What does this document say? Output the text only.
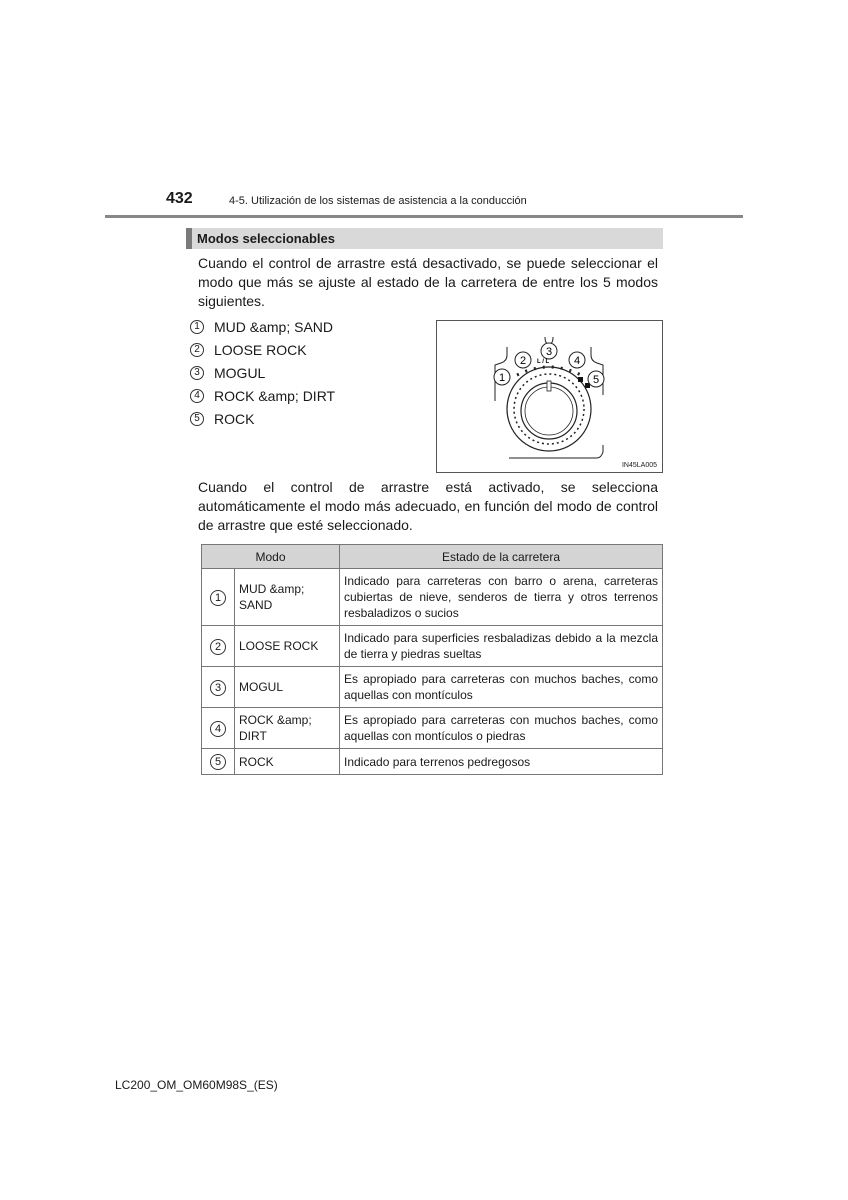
432	4-5. Utilización de los sistemas de asistencia a la conducción
Modos seleccionables

Cuando el control de arrastre está desactivado, se puede seleccionar el modo que más se ajuste al estado de la carretera de entre los 5 modos siguientes.

1	MUD &amp; SAND
2	LOOSE ROCK
3	MOGUL
4	ROCK &amp; DIRT
5	ROCK
1
2
3
4
5
L / L
IN45LA005

Cuando el control de arrastre está activado, se selecciona automáticamente el modo más adecuado, en función del modo de control de arrastre que esté seleccionado.

Modo		Estado de la carretera
1	MUD &amp; SAND	Indicado para carreteras con barro o arena, carreteras cubiertas de nieve, senderos de tierra y otros terrenos resbaladizos o sucios
2	LOOSE ROCK	Indicado para superficies resbaladizas debido a la mezcla de tierra y piedras sueltas
3	MOGUL	Es apropiado para carreteras con muchos baches, como aquellas con montículos
4	ROCK &amp; DIRT	Es apropiado para carreteras con muchos baches, como aquellas con montículos o piedras
5	ROCK	Indicado para terrenos pedregosos
LC200_OM_OM60M98S_(ES)
